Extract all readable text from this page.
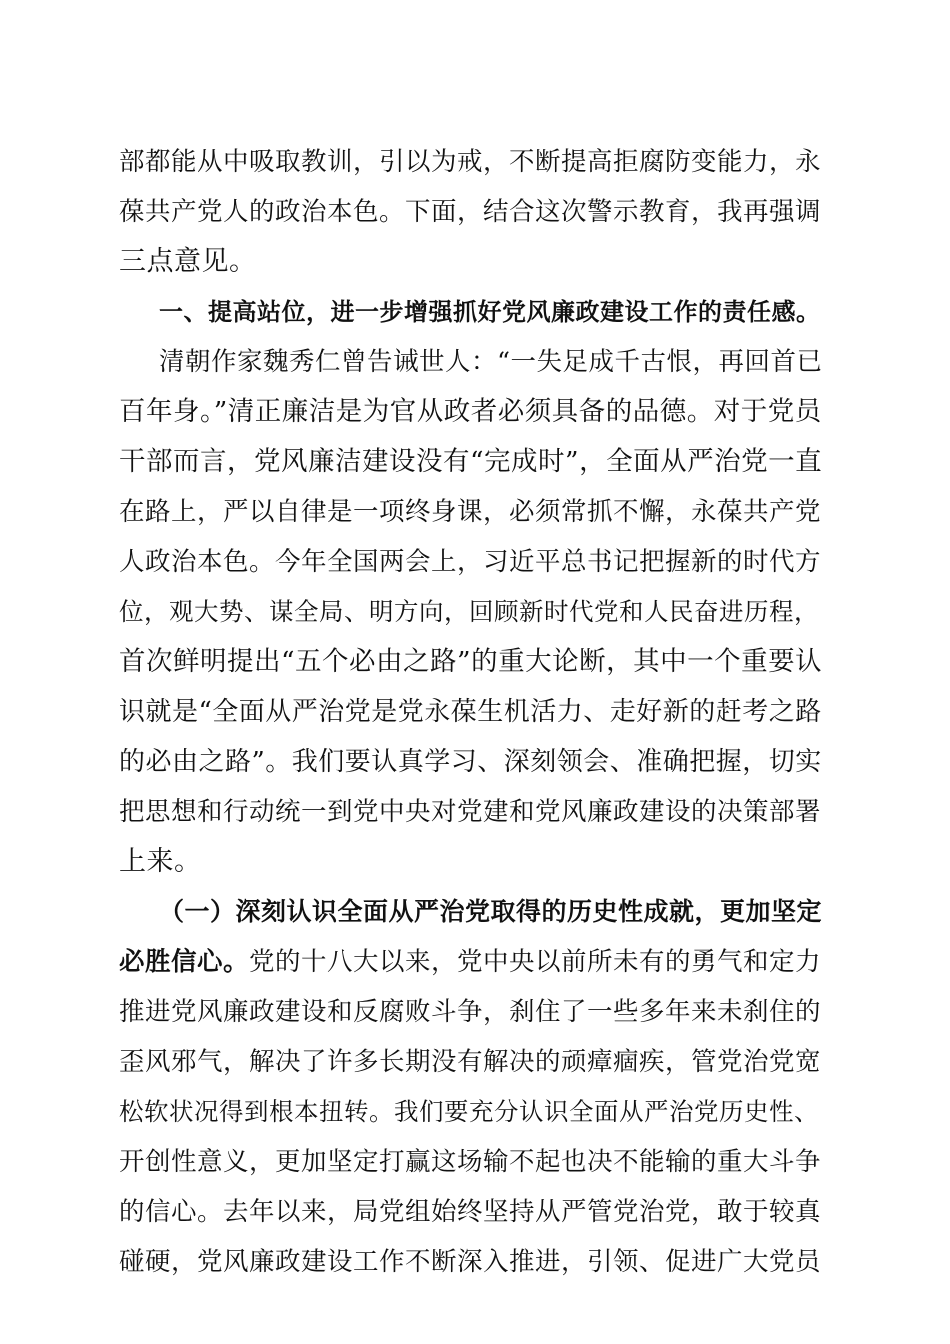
部都能从中吸取教训，引以为戒，不断提高拒腐防变能力，永
葆共产党人的政治本色。下面，结合这次警示教育，我再强调
三点意见。
一、提高站位，进一步增强抓好党风廉政建设工作的责任感。
清朝作家魏秀仁曾告诫世人：“一失足成千古恨，再回首已
百年身。”清正廉洁是为官从政者必须具备的品德。对于党员
干部而言，党风廉洁建设没有“完成时”，全面从严治党一直
在路上，严以自律是一项终身课，必须常抓不懈，永葆共产党
人政治本色。今年全国两会上，习近平总书记把握新的时代方
位，观大势、谋全局、明方向，回顾新时代党和人民奋进历程，
首次鲜明提出“五个必由之路”的重大论断，其中一个重要认
识就是“全面从严治党是党永葆生机活力、走好新的赶考之路
的必由之路”。我们要认真学习、深刻领会、准确把握，切实
把思想和行动统一到党中央对党建和党风廉政建设的决策部署
上来。
（一）深刻认识全面从严治党取得的历史性成就，更加坚定
必胜信心。党的十八大以来，党中央以前所未有的勇气和定力
推进党风廉政建设和反腐败斗争，刹住了一些多年来未刹住的
歪风邪气，解决了许多长期没有解决的顽瘴痼疾，管党治党宽
松软状况得到根本扭转。我们要充分认识全面从严治党历史性、
开创性意义，更加坚定打赢这场输不起也决不能输的重大斗争
的信心。去年以来，局党组始终坚持从严管党治党，敢于较真
碰硬，党风廉政建设工作不断深入推进，引领、促进广大党员
